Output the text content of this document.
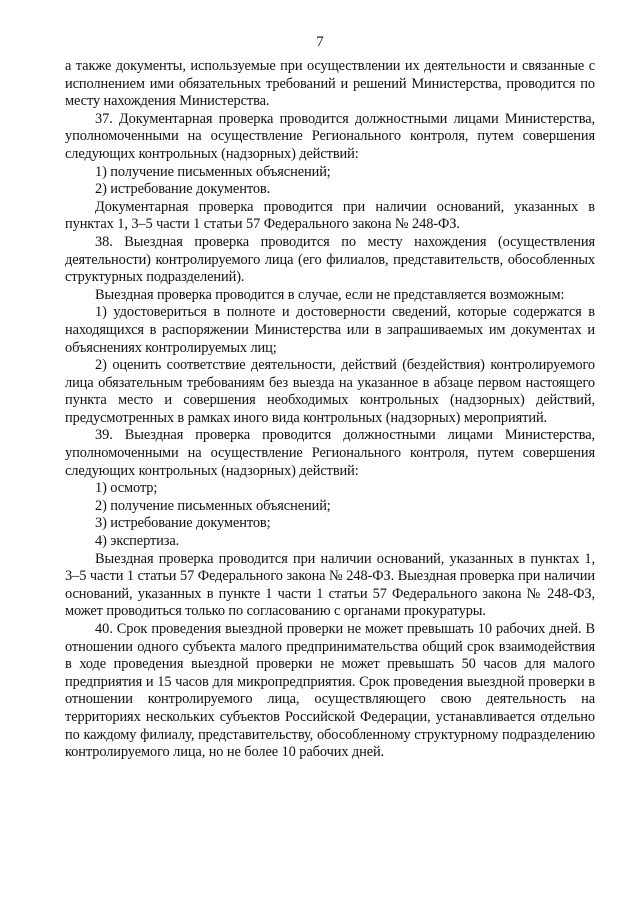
7

а также документы, используемые при осуществлении их деятельности и связанные с исполнением ими обязательных требований и решений Министерства, проводится по месту нахождения Министерства.

37. Документарная проверка проводится должностными лицами Министерства, уполномоченными на осуществление Регионального контроля, путем совершения следующих контрольных (надзорных) действий:

1) получение письменных объяснений;

2) истребование документов.

Документарная проверка проводится при наличии оснований, указанных в пунктах 1, 3–5 части 1 статьи 57 Федерального закона № 248-ФЗ.

38. Выездная проверка проводится по месту нахождения (осуществления деятельности) контролируемого лица (его филиалов, представительств, обособленных структурных подразделений).

Выездная проверка проводится в случае, если не представляется возможным:

1) удостовериться в полноте и достоверности сведений, которые содержатся в находящихся в распоряжении Министерства или в запрашиваемых им документах и объяснениях контролируемых лиц;

2) оценить соответствие деятельности, действий (бездействия) контролируемого лица обязательным требованиям без выезда на указанное в абзаце первом настоящего пункта место и совершения необходимых контрольных (надзорных) действий, предусмотренных в рамках иного вида контрольных (надзорных) мероприятий.

39. Выездная проверка проводится должностными лицами Министерства, уполномоченными на осуществление Регионального контроля, путем совершения следующих контрольных (надзорных) действий:

1) осмотр;

2) получение письменных объяснений;

3) истребование документов;

4) экспертиза.

Выездная проверка проводится при наличии оснований, указанных в пунктах 1, 3–5 части 1 статьи 57 Федерального закона № 248-ФЗ. Выездная проверка при наличии оснований, указанных в пункте 1 части 1 статьи 57 Федерального закона № 248-ФЗ, может проводиться только по согласованию с органами прокуратуры.

40. Срок проведения выездной проверки не может превышать 10 рабочих дней. В отношении одного субъекта малого предпринимательства общий срок взаимодействия в ходе проведения выездной проверки не может превышать 50 часов для малого предприятия и 15 часов для микропредприятия. Срок проведения выездной проверки в отношении контролируемого лица, осуществляющего свою деятельность на территориях нескольких субъектов Российской Федерации, устанавливается отдельно по каждому филиалу, представительству, обособленному структурному подразделению контролируемого лица, но не более 10 рабочих дней.
